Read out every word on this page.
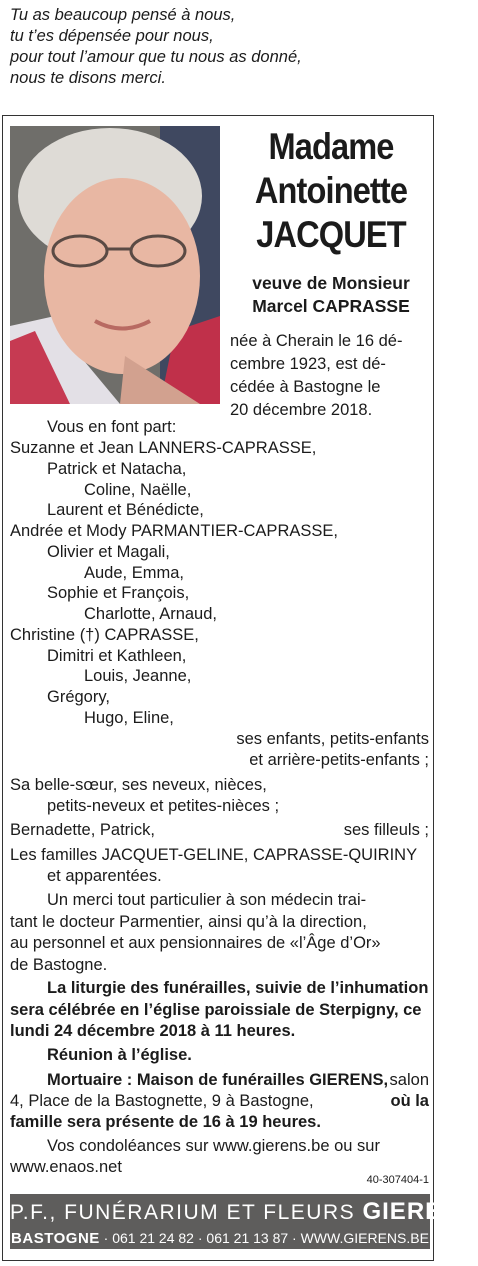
Tu as beaucoup pensé à nous,
tu t’es dépensée pour nous,
pour tout l’amour que tu nous as donné,
nous te disons merci.
Madame
Antoinette
JACQUET
veuve de Monsieur
Marcel CAPRASSE
née à Cherain le 16 dé-
cembre 1923, est dé-
cédée à Bastogne le
20 décembre 2018.
Vous en font part:
Suzanne et Jean LANNERS-CAPRASSE,
Patrick et Natacha,
Coline, Naëlle,
Laurent et Bénédicte,
Andrée et Mody PARMANTIER-CAPRASSE,
Olivier et Magali,
Aude, Emma,
Sophie et François,
Charlotte, Arnaud,
Christine (†) CAPRASSE,
Dimitri et Kathleen,
Louis, Jeanne,
Grégory,
Hugo, Eline,
ses enfants, petits-enfants
et arrière-petits-enfants ;
Sa belle-sœur, ses neveux, nièces,
petits-neveux et petites-nièces ;
Bernadette, Patrick,	ses filleuls ;
Les familles JACQUET-GELINE, CAPRASSE-QUIRINY
et apparentées.
Un merci tout particulier à son médecin trai-
tant le docteur Parmentier, ainsi qu’à la direction,
au personnel et aux pensionnaires de «l’Âge d’Or»
de Bastogne.
La liturgie des funérailles, suivie de l’inhumation
sera célébrée en l’église paroissiale de Sterpigny, ce
lundi 24 décembre 2018 à 11 heures.
Réunion à l’église.
Mortuaire : Maison de funérailles GIERENS, salon
4, Place de la Bastognette, 9 à Bastogne,	où la
famille sera présente de 16 à 19 heures.
Vos condoléances sur www.gierens.be ou sur
www.enaos.net
40-307404-1
P.F., FUNÉRARIUM ET FLEURS GIERENS
BASTOGNE · 061 21 24 82 · 061 21 13 87 · WWW.GIERENS.BE
